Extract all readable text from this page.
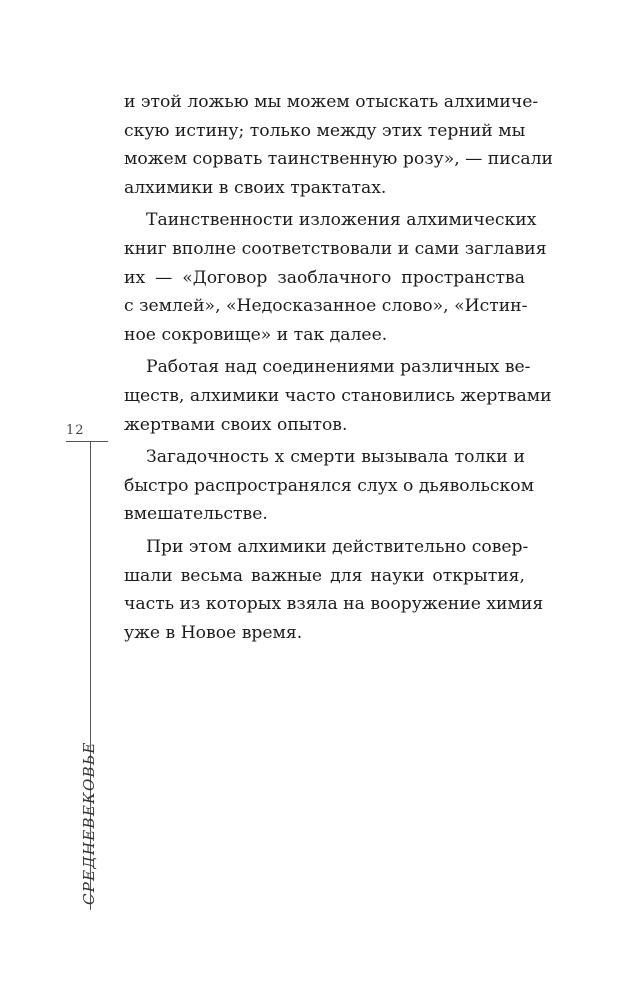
12
СРЕДНЕВЕКОВЬЕ
и этой ложью мы можем отыскать алхимиче-
скую истину; только между этих терний мы
можем сорвать таинственную розу», — писали
алхимики в своих трактатах.
Таинственности изложения алхимических
книг вполне соответствовали и сами заглавия
их — «Договор заоблачного пространства
с землей», «Недосказанное слово», «Истин-
ное сокровище» и так далее.
Работая над соединениями различных ве-
ществ, алхимики часто становились жертвами
жертвами своих опытов.
Загадочность х смерти вызывала толки и
быстро распространялся слух о дьявольском
вмешательстве.
При этом алхимики действительно совер-
шали весьма важные для науки открытия,
часть из которых взяла на вооружение химия
уже в Новое время.
